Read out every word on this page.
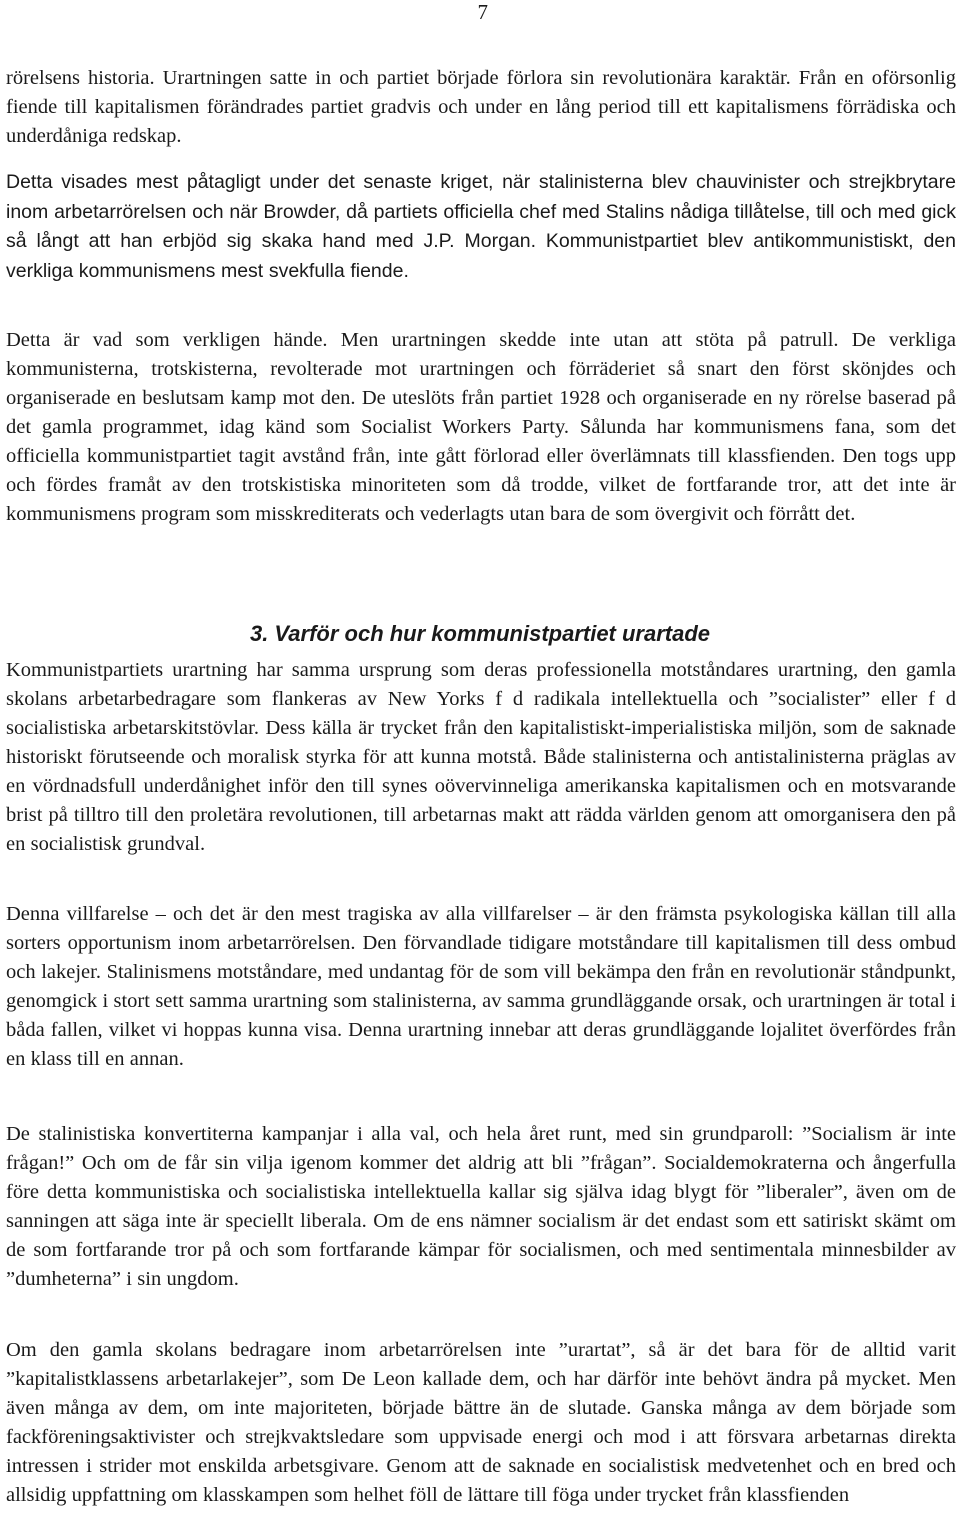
7

rörelsens historia. Urartningen satte in och partiet började förlora sin revolutionära karaktär. Från en oförsonlig fiende till kapitalismen förändrades partiet gradvis och under en lång period till ett kapitalismens förrädiska och underdåniga redskap.

Detta visades mest påtagligt under det senaste kriget, när stalinisterna blev chauvinister och strejkbrytare inom arbetarrörelsen och när Browder, då partiets officiella chef med Stalins nådiga tillåtelse, till och med gick så långt att han erbjöd sig skaka hand med J.P. Morgan. Kommunistpartiet blev antikommunistiskt, den verkliga kommunismens mest svekfulla fiende.

Detta är vad som verkligen hände. Men urartningen skedde inte utan att stöta på patrull. De verkliga kommunisterna, trotskisterna, revolterade mot urartningen och förräderiet så snart den först skönjdes och organiserade en beslutsam kamp mot den. De uteslöts från partiet 1928 och organiserade en ny rörelse baserad på det gamla programmet, idag känd som Socialist Workers Party. Sålunda har kommunismens fana, som det officiella kommunistpartiet tagit avstånd från, inte gått förlorad eller överlämnats till klassfienden. Den togs upp och fördes framåt av den trotskistiska minoriteten som då trodde, vilket de fortfarande tror, att det inte är kommunismens program som misskrediterats och vederlagts utan bara de som övergivit och förrått det.

3. Varför och hur kommunistpartiet urartade

Kommunistpartiets urartning har samma ursprung som deras professionella motståndares urartning, den gamla skolans arbetarbedragare som flankeras av New Yorks f d radikala intellektuella och ”socialister” eller f d socialistiska arbetarskitstövlar. Dess källa är trycket från den kapitalistiskt-imperialistiska miljön, som de saknade historiskt förutseende och moralisk styrka för att kunna motstå. Både stalinisterna och antistalinisterna präglas av en vördnadsfull underdånighet inför den till synes oövervinneliga amerikanska kapitalismen och en motsvarande brist på tilltro till den proletära revolutionen, till arbetarnas makt att rädda världen genom att omorganisera den på en socialistisk grundval.

Denna villfarelse – och det är den mest tragiska av alla villfarelser – är den främsta psykologiska källan till alla sorters opportunism inom arbetarrörelsen. Den förvandlade tidigare motståndare till kapitalismen till dess ombud och lakejer. Stalinismens motståndare, med undantag för de som vill bekämpa den från en revolutionär ståndpunkt, genomgick i stort sett samma urartning som stalinisterna, av samma grundläggande orsak, och urartningen är total i båda fallen, vilket vi hoppas kunna visa. Denna urartning innebar att deras grundläggande lojalitet överfördes från en klass till en annan.

De stalinistiska konvertiterna kampanjar i alla val, och hela året runt, med sin grundparoll: ”Socialism är inte frågan!” Och om de får sin vilja igenom kommer det aldrig att bli ”frågan”. Socialdemokraterna och ångerfulla före detta kommunistiska och socialistiska intellektuella kallar sig själva idag blygt för ”liberaler”, även om de sanningen att säga inte är speciellt liberala. Om de ens nämner socialism är det endast som ett satiriskt skämt om de som fortfarande tror på och som fortfarande kämpar för socialismen, och med sentimentala minnesbilder av ”dumheterna” i sin ungdom.

Om den gamla skolans bedragare inom arbetarrörelsen inte ”urartat”, så är det bara för de alltid varit ”kapitalistklassens arbetarlakejer”, som De Leon kallade dem, och har därför inte behövt ändra på mycket. Men även många av dem, om inte majoriteten, började bättre än de slutade. Ganska många av dem började som fackföreningsaktivister och strejkvaktsledare som uppvisade energi och mod i att försvara arbetarnas direkta intressen i strider mot enskilda arbetsgivare. Genom att de saknade en socialistisk medvetenhet och en bred och allsidig uppfattning om klasskampen som helhet föll de lättare till föga under trycket från klassfienden
